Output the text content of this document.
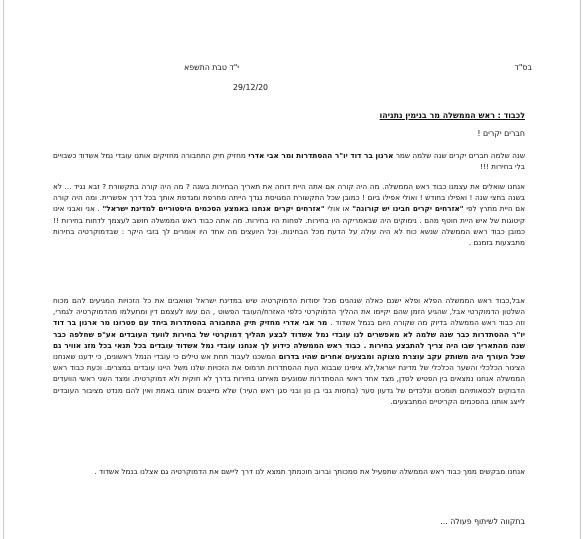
בס"ד
י"ד טבת התשפא
29/12/20
לכבוד : ראש הממשלה מר בנימין נתניהו
חברים יקרים !
שנה שלמה חברים יקרים שנה שלמה שמר ארנון בר דוד יו"ר ההסתדרות ומר אבי אדרי מחזיק תיק התחבורה מחזיקים אותנו עובדי נמל אשדוד כשבויים בלי בחירות !!!
אנחנו שואלים את עצמנו כבוד ראש הממשלה. מה היה קורה אם אתה היית דוחה את תאריך הבחירות בשנה ? מה היה קורה בתקשורת ? זבא נגיד ... לא בשנה בחצי שנה ! ואפילו בחודש ! ואולי אפילו ביום ! כמובן שכל התקשורת המגויסת נגדך הייתה מחרפת ומגדפת אותך בכל דרך אפשרית. ומה היה קורה אם היית מתרץ לפי "אזרחים יקרים חבינו יש קורונה" או אולי "אזרחים יקרים אנחנו באמצע הסכמים היסטוריים למדינת ישראל" . אני ואבני אינו קיטוגות של איש היית חוטף מהם . נימוקים היה שבאמריקה היו בחירות. לפחות היו בחירות. מה אתה כבוד ראש הממשלה חושב לעצמך לדחות בחירות !! כמובן כבוד ראש הממשלה שנשא כוח לא היה עולה על הדעת מכל הבחינות. וכל היועצים מה אחד היו אומרים לך בזבי היקר : שבדמוקרטיה בחירות מתבצעות בזמנם .
אבל,כבוד ראש הממשלה הפלא ופלא ישנם כאלה שנהנים מכל יסודות הדמוקרטיה שיש במדינת ישראל ושואבים את כל הזכויות המגיעים להם מכוח השלטון הדמוקרטי אבל, שהגיע הזמן שהם יקיימו את ההליך הדמוקרטי כלפי האזרח/העובד הפשוט , הם עשו לעצמם דין ומתעלמו מהדמוקרטיה לגמרי, וזה כבוד ראש הממשלה בדיוק מה שקורה היום בנמל אשדוד . מר אבי אדרי מחזיק תיק התחבורה בהסתדרות ביחד עם פטרונו מר ארנון בר דוד יו"ר ההסתדרות כבר שנה שלמה לא מאפשרים לנו עובדי נמל אשדוד לבצע תהליך דמוקרטי של בחירות לוועד העובדים אע"פ שחלפה כבר שנה מהתאריך שבו היה צריך להתבצע בחירות . כבוד ראש הממשלה כידוע לך אנחנו עובדי נמל אשדוד עובדים בכל תנאי בכל מזג אוויר גם שכל העורף היה משותק עקב עוצרת מצוקה ומבצעים אחרים שהיו בדרום המשכנו לעבוד תחת אש טילים כי עובדי הנמל ראשונים, כי ידענו שאנחנו הצינור הכלכלי והשער הכלכלי של מדינת ישראל,לא ציפינו שבבוא העת ההסתדרות תרמוס את הזכויות שלנו משל היינו עובדים במצרים. וכעת כבוד ראש הממשלה אנחנו נמצאים בין הפטיש לסדן, מצד אחד ראשי ההסתדרות שמונעים מאיתנו בחירות בדרך לא חוקית ולא דמוקרטית. ומצד השני ראשי הוועדים הדבוקים לכסאותיהם תומכים ונלכדים של גדעון סער (בחסות גבי בן נון ובני סגן ראש העיר) שלא מייצגים אותנו באמת ואין להם מנדט מציבור העובדים לייצג אותנו בהסכמים הקריטיים המתבצעים.
אנחנו מבקשים ממך כבוד ראש הממשלה שתפעיל את סמכותך וברוב חוכמתך תמצא לנו דרך ליישם את הדמוקרטיה גם אצלנו בנמל אשדוד .
בתקווה לשיתוף פעולה ...
